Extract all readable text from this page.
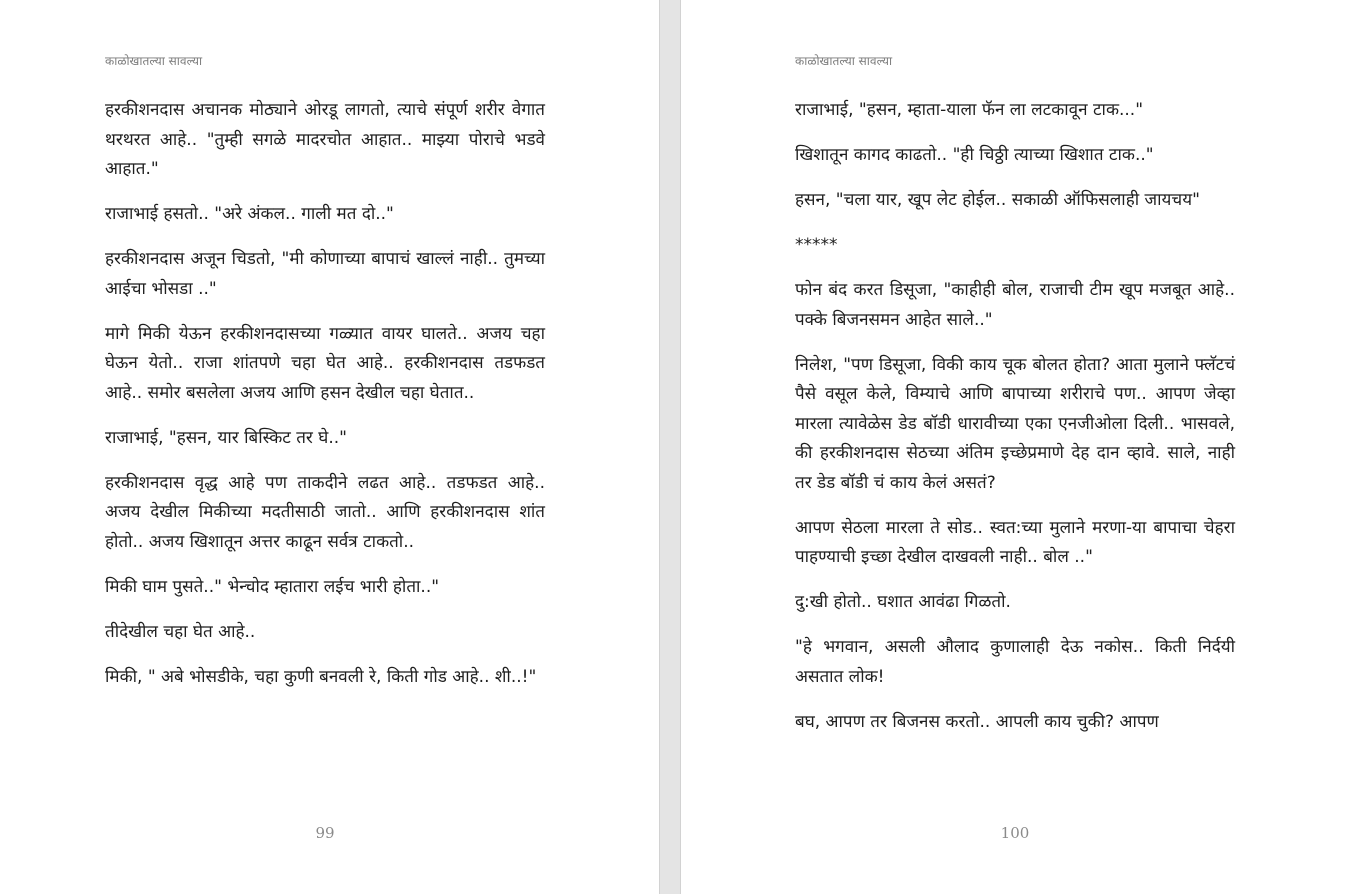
काळोखातल्या सावल्या

हरकीशनदास अचानक मोठ्याने ओरडू लागतो, त्याचे संपूर्ण शरीर वेगात थरथरत आहे.. "तुम्ही सगळे मादरचोत आहात.. माझ्या पोराचे भडवे आहात."

राजाभाई हसतो.. "अरे अंकल.. गाली मत दो.."

हरकीशनदास अजून चिडतो, "मी कोणाच्या बापाचं खाल्लं नाही.. तुमच्या आईचा भोसडा .."

मागे मिकी येऊन हरकीशनदासच्या गळ्यात वायर घालते.. अजय चहा घेऊन येतो.. राजा शांतपणे चहा घेत आहे.. हरकीशनदास तडफडत आहे.. समोर बसलेला अजय आणि हसन देखील चहा घेतात..

राजाभाई, "हसन, यार बिस्किट तर घे.."

हरकीशनदास वृद्ध आहे पण ताकदीने लढत आहे.. तडफडत आहे.. अजय देखील मिकीच्या मदतीसाठी जातो.. आणि हरकीशनदास शांत होतो.. अजय खिशातून अत्तर काढून सर्वत्र टाकतो..

मिकी घाम पुसते.." भेन्चोद म्हातारा लईच भारी होता.."

तीदेखील चहा घेत आहे..

मिकी, " अबे भोसडीके, चहा कुणी बनवली रे, किती गोड आहे.. शी..!"

99
काळोखातल्या सावल्या

राजाभाई, "हसन, म्हाता-याला फॅन ला लटकावून टाक..."

खिशातून कागद काढतो.. "ही चिठ्ठी त्याच्या खिशात टाक.."

हसन, "चला यार, खूप लेट होईल.. सकाळी ऑफिसलाही जायचय"

*****

फोन बंद करत डिसूजा, "काहीही बोल, राजाची टीम खूप मजबूत आहे.. पक्के बिजनसमन आहेत साले.."

निलेश, "पण डिसूजा, विकी काय चूक बोलत होता? आता मुलाने फ्लॅटचं पैसे वसूल केले, विम्याचे आणि बापाच्या शरीराचे पण.. आपण जेव्हा मारला त्यावेळेस डेड बॉडी धारावीच्या एका एनजीओला दिली.. भासवले, की हरकीशनदास सेठच्या अंतिम इच्छेप्रमाणे देह दान व्हावे. साले, नाही तर डेड बॉडी चं काय केलं असतं?

आपण सेठला मारला ते सोड.. स्वत:च्या मुलाने मरणा-या बापाचा चेहरा पाहण्याची इच्छा देखील दाखवली नाही.. बोल .."

दु:खी होतो.. घशात आवंढा गिळतो.

"हे भगवान, असली औलाद कुणालाही देऊ नकोस.. किती निर्दयी असतात लोक!

बघ, आपण तर बिजनस करतो.. आपली काय चुकी? आपण

100
